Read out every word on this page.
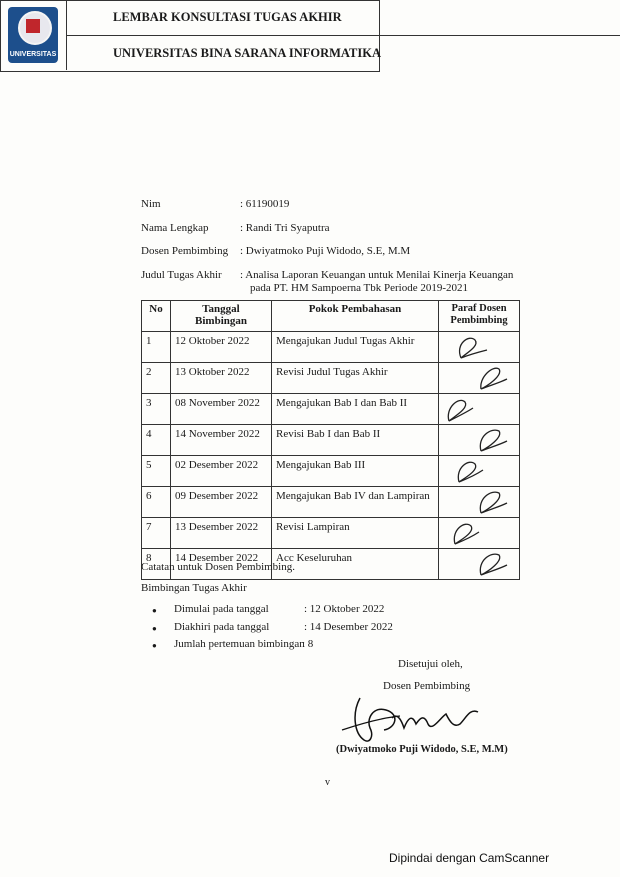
UNIVERSITAS
LEMBAR KONSULTASI TUGAS AKHIR
UNIVERSITAS BINA SARANA INFORMATIKA
Nim	: 61190019
Nama Lengkap	: Randi Tri Syaputra
Dosen Pembimbing : Dwiyatmoko Puji Widodo, S.E, M.M
Judul Tugas Akhir : Analisa Laporan Keuangan untuk Menilai Kinerja Keuangan
pada PT. HM Sampoerna Tbk Periode 2019-2021
No	Tanggal Bimbingan	Pokok Pembahasan	Paraf Dosen Pembimbing
1	12 Oktober 2022	Mengajukan Judul Tugas Akhir	

2	13 Oktober 2022	Revisi Judul Tugas Akhir	

3	08 November 2022	Mengajukan Bab I dan Bab II	

4	14 November 2022	Revisi Bab I dan Bab II	

5	02 Desember 2022	Mengajukan Bab III	

6	09 Desember 2022	Mengajukan Bab IV dan Lampiran	

7	13 Desember 2022	Revisi Lampiran	

8	14 Desember 2022	Acc Keseluruhan	
Catatan untuk Dosen Pembimbing.
Bimbingan Tugas Akhir
● Dimulai pada tanggal	: 12 Oktober 2022
● Diakhiri pada tanggal	: 14 Desember 2022
● Jumlah pertemuan bimbingan
: 8
Disetujui oleh,
Dosen Pembimbing
(Dwiyatmoko Puji Widodo, S.E, M.M)
v
Dipindai dengan CamScanner
